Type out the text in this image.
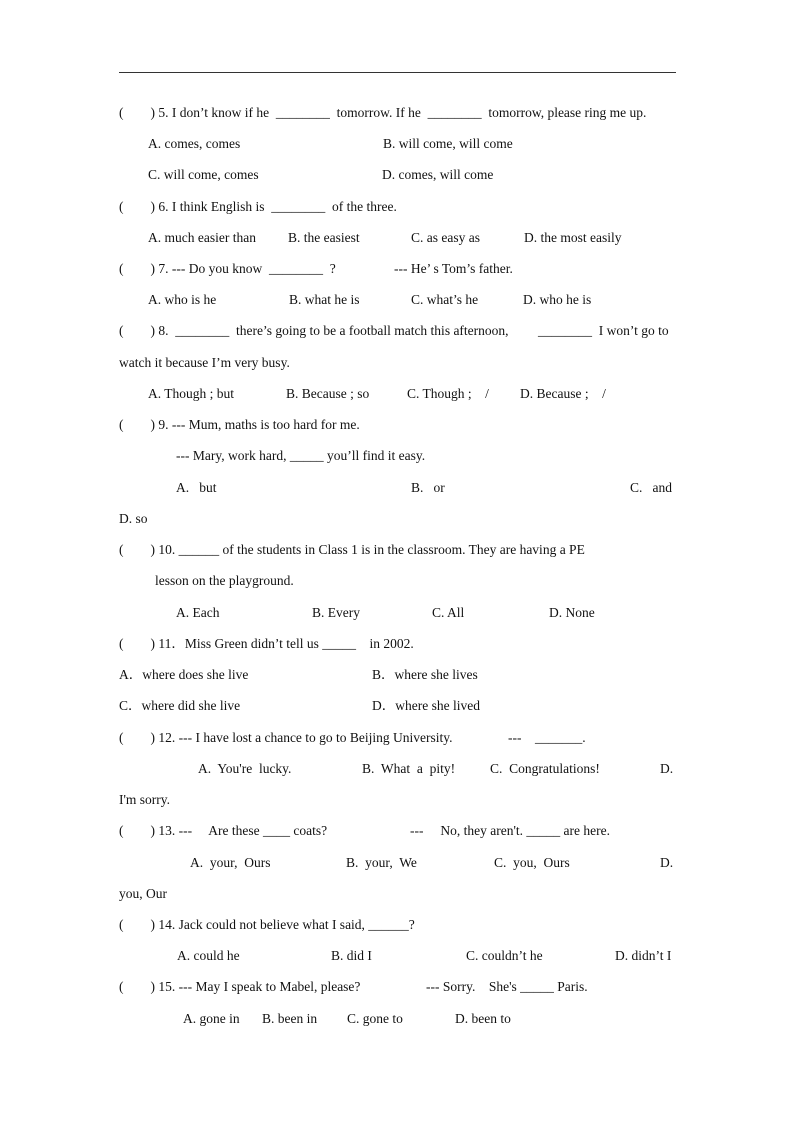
(        ) 5. I don’t know if he  ________  tomorrow. If he  ________  tomorrow, please ring me up.
A. comes, comes	B. will come, will come
C. will come, comes	D. comes, will come
(        ) 6. I think English is  ________  of the three.
A. much easier than B. the easiest	C. as easy as	D. the most easily
(        ) 7. --- Do you know  ________  ?	--- He’ s Tom’s father.
A. who is he	B. what he is	C. what’s he	D. who he is
(        ) 8.  ________  there’s going to be a football match this afternoon, ________  I won’t go to
watch it because I’m very busy.
A. Though ; but	B. Because ; so	C. Though ;    / D. Because ;    /
(        ) 9. --- Mum, maths is too hard for me.
--- Mary, work hard, _____ you’ll find it easy.
A.   but	B.   or	C.   and
D. so
(        ) 10. ______ of the students in Class 1 is in the classroom. They are having a PE
lesson on the playground.
A. Each	B. Every	C. All	D. None
(        ) 11．Miss Green didn’t tell us _____    in 2002.
A．where does she live	B．where she lives
C．where did she live	D．where she lived
(        ) 12. --- I have lost a chance to go to Beijing University.	---    _______.
A.  You're  lucky.	B.  What  a  pity!	C.  Congratulations!	D.
I'm sorry.
(        ) 13. ---     Are these ____ coats?	---     No, they aren't. _____ are here.
A.  your,  Ours	B.  your,  We	C.  you,  Ours	D.
you, Our
(        ) 14. Jack could not believe what I said, ______?
A. could he	B. did I	C. couldn’t he	D. didn’t I
(        ) 15. --- May I speak to Mabel, please?	--- Sorry.    She's _____ Paris.
A. gone in B. been in C. gone to	D. been to
